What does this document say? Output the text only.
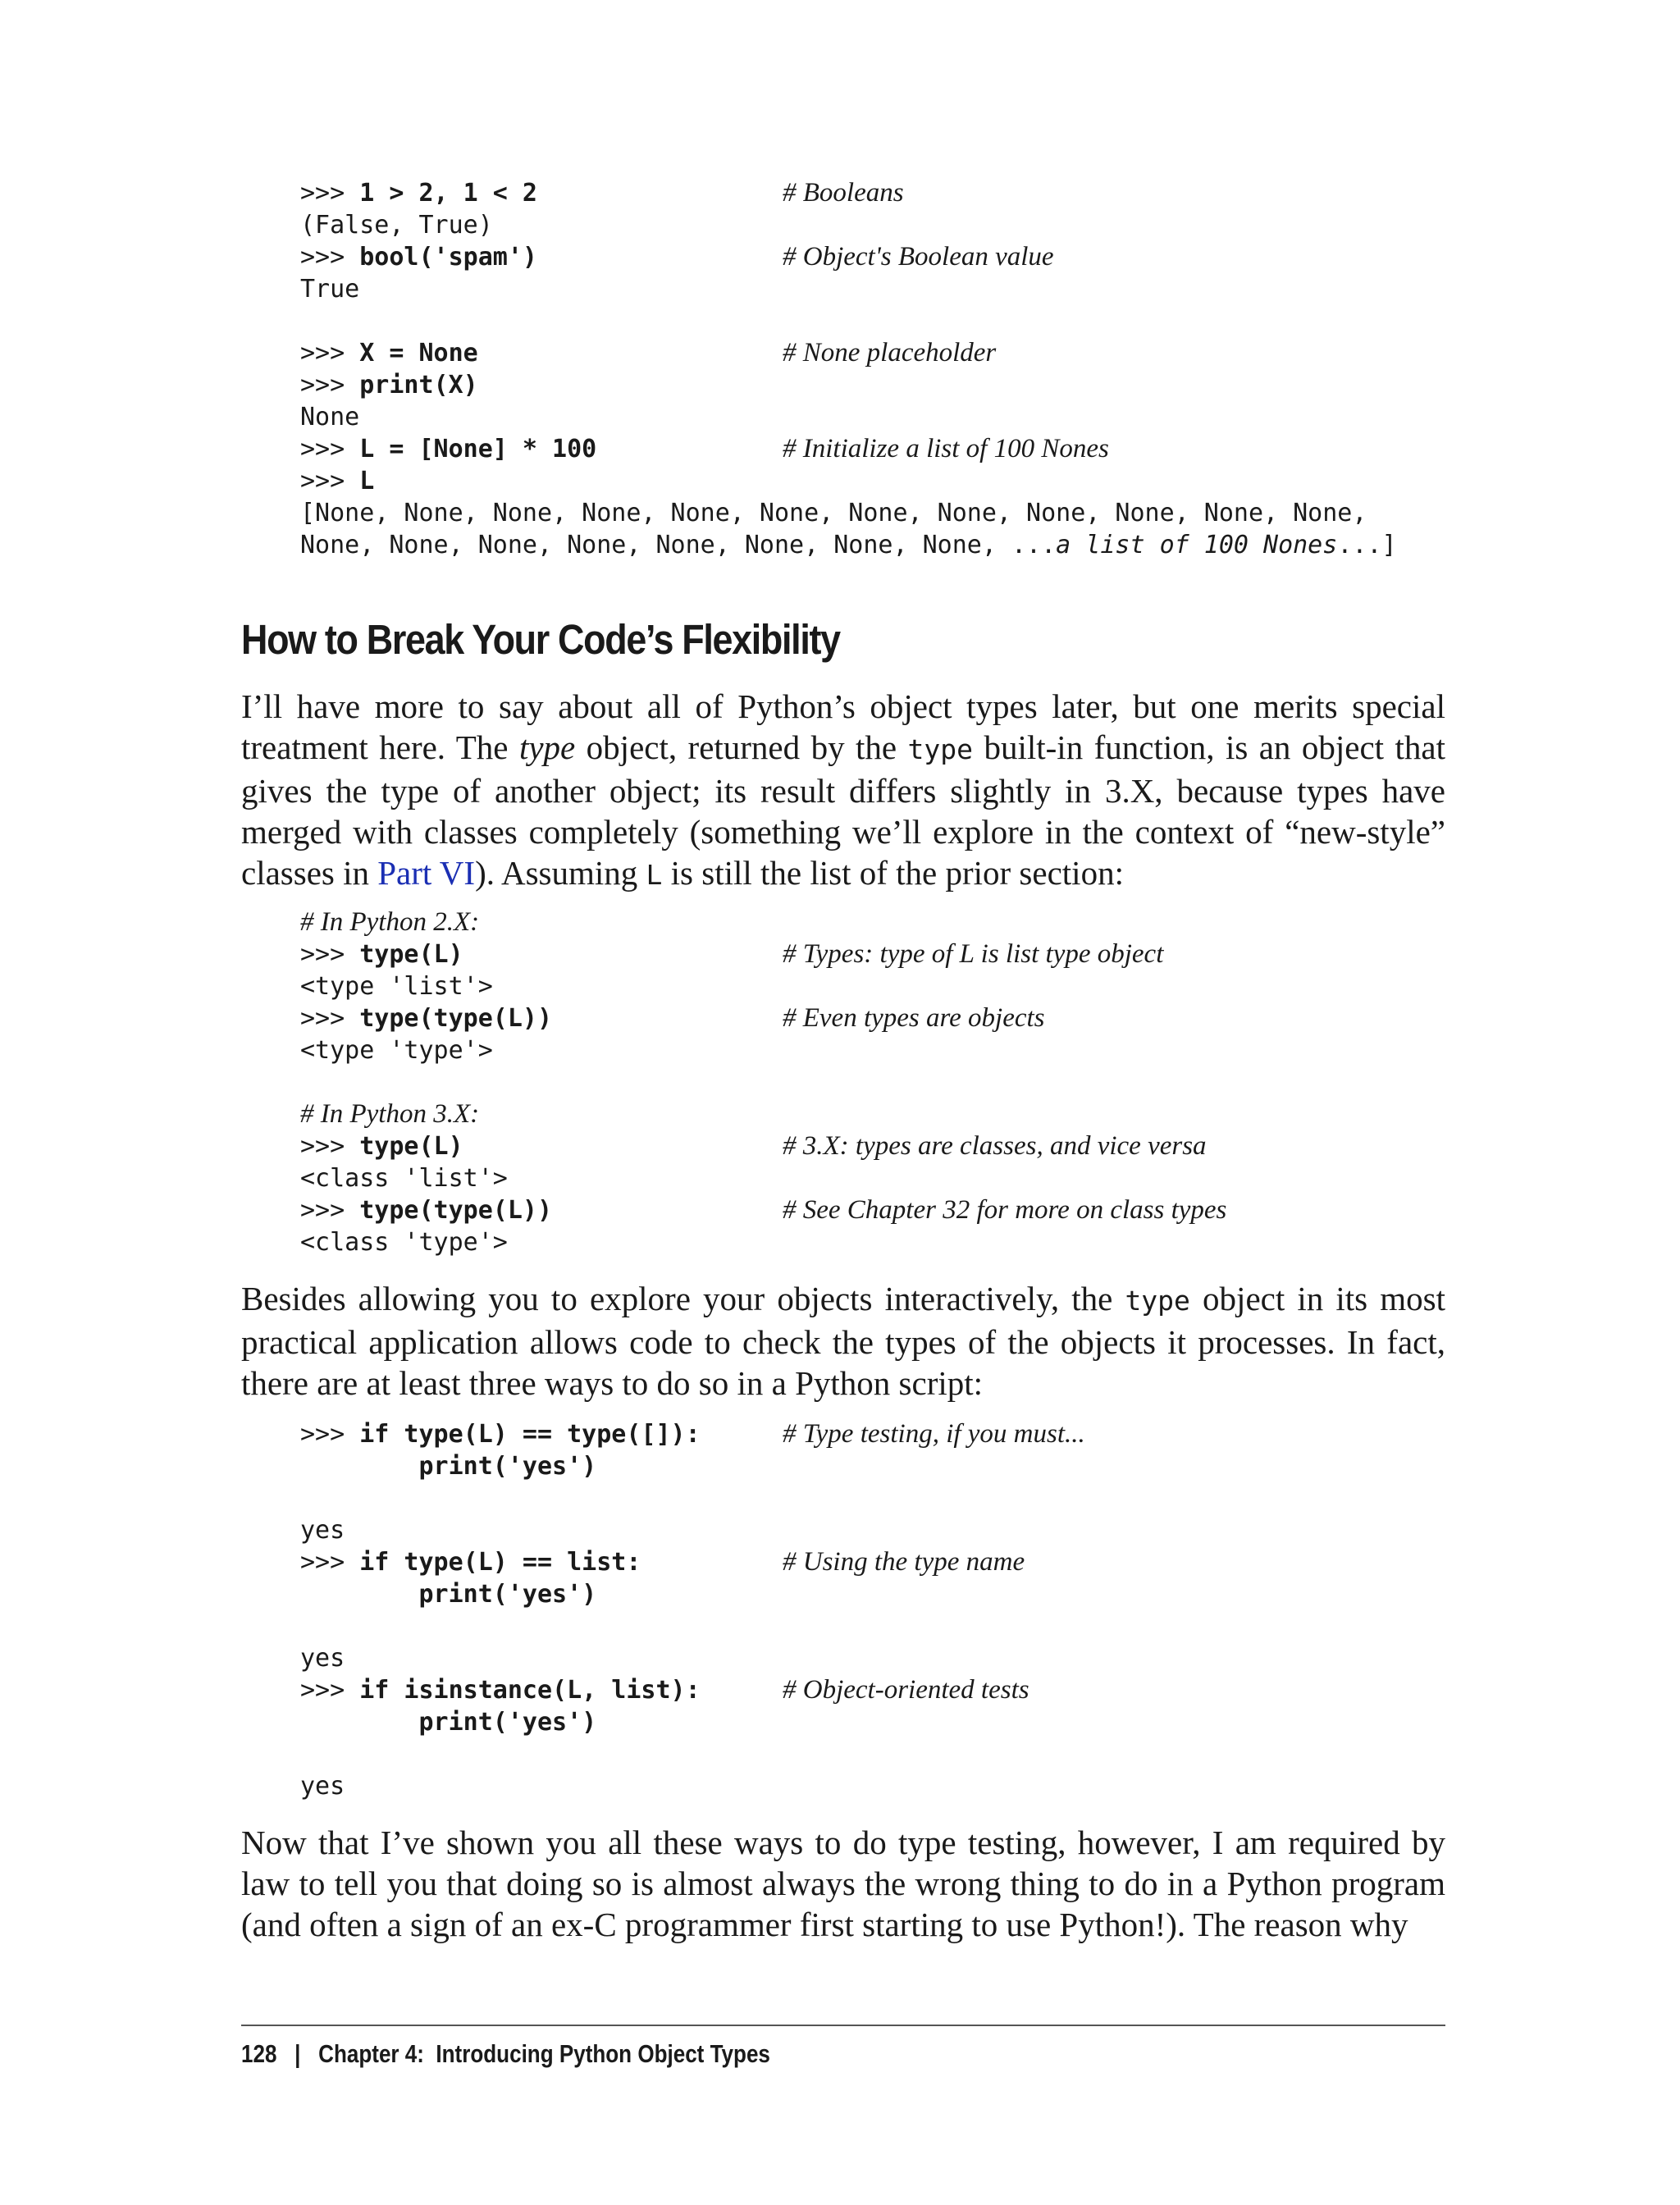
>>> 1 > 2, 1 < 2	# Booleans
(False, True)
>>> bool('spam')	# Object's Boolean value
True
>>> X = None	# None placeholder
>>> print(X)
None
>>> L = [None] * 100	# Initialize a list of 100 Nones
>>> L
[None, None, None, None, None, None, None, None, None, None, None, None,
None, None, None, None, None, None, None, None, ...a list of 100 Nones...]
How to Break Your Code’s Flexibility

I’ll have more to say about all of Python’s object types later, but one merits special treatment here. The type object, returned by the type built-in function, is an object that gives the type of another object; its result differs slightly in 3.X, because types have merged with classes completely (something we’ll explore in the context of “new-style” classes in Part VI). Assuming L is still the list of the prior section:

# In Python 2.X:
>>> type(L)	# Types: type of L is list type object
<type 'list'>
>>> type(type(L))	# Even types are objects
<type 'type'>
# In Python 3.X:
>>> type(L)	# 3.X: types are classes, and vice versa
<class 'list'>
>>> type(type(L))	# See Chapter 32 for more on class types
<class 'type'>

Besides allowing you to explore your objects interactively, the type object in its most practical application allows code to check the types of the objects it processes. In fact, there are at least three ways to do so in a Python script:

>>> if type(L) == type([]):	# Type testing, if you must...
print('yes')
yes
>>> if type(L) == list:	# Using the type name
print('yes')
yes
>>> if isinstance(L, list):	# Object-oriented tests
print('yes')
yes

Now that I’ve shown you all these ways to do type testing, however, I am required by law to tell you that doing so is almost always the wrong thing to do in a Python program (and often a sign of an ex-C programmer first starting to use Python!). The reason why

128 | Chapter 4:  Introducing Python Object Types
